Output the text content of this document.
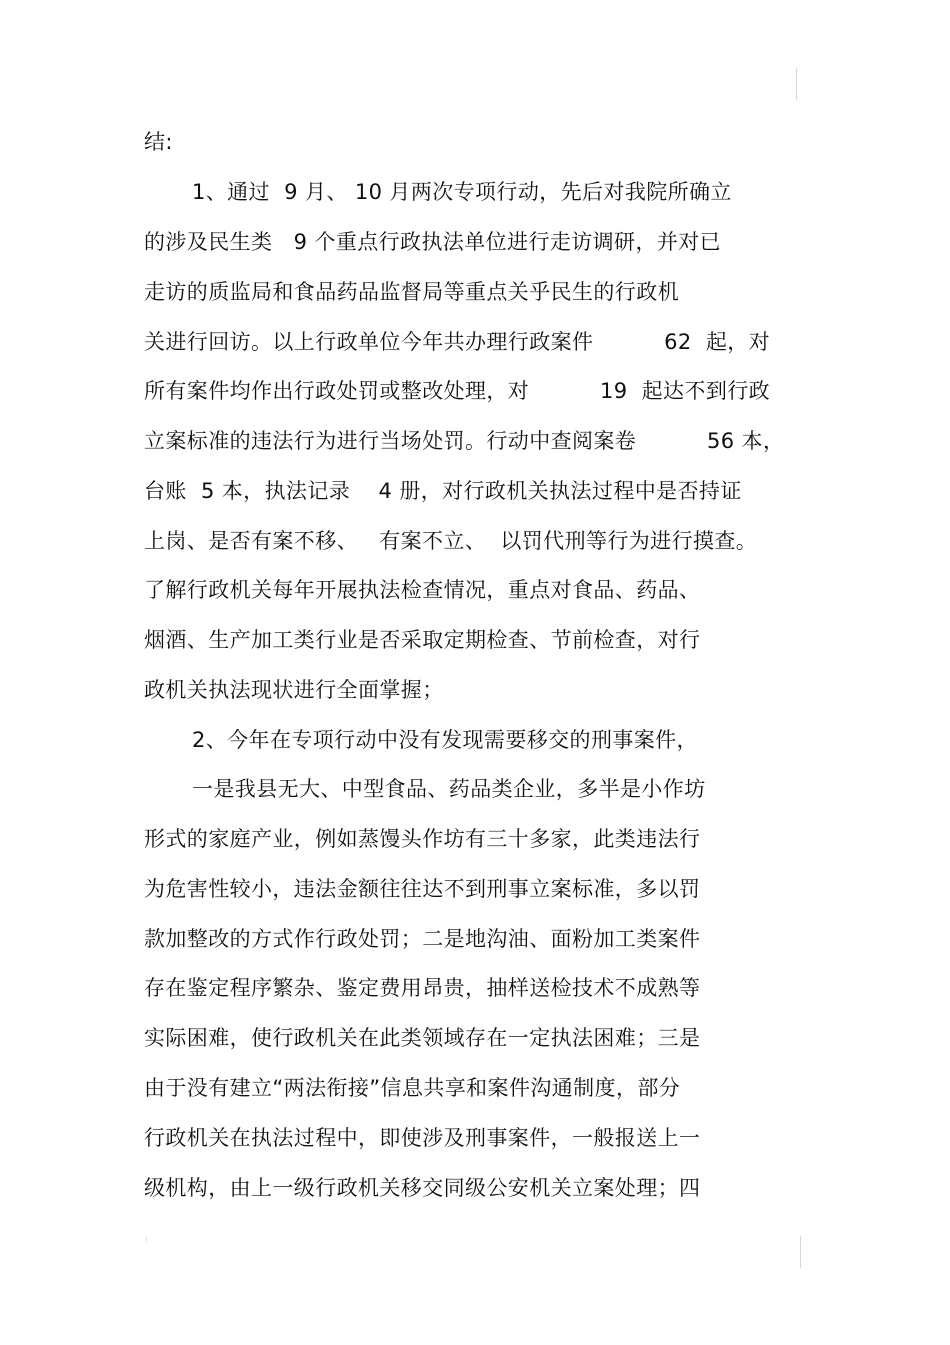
结:
1、通过  9 月、 10 月两次专项行动，先后对我院所确立
的涉及民生类   9 个重点行政执法单位进行走访调研，并对已
走访的质监局和食品药品监督局等重点关乎民生的行政机
关进行回访。以上行政单位今年共办理行政案件          62  起，对
所有案件均作出行政处罚或整改处理，对          19  起达不到行政
立案标准的违法行为进行当场处罚。行动中查阅案卷          56 本，
台账  5 本，执法记录    4 册，对行政机关执法过程中是否持证
上岗、是否有案不移、   有案不立、  以罚代刑等行为进行摸查。
了解行政机关每年开展执法检查情况，重点对食品、药品、
烟酒、生产加工类行业是否采取定期检查、节前检查，对行
政机关执法现状进行全面掌握；
2、今年在专项行动中没有发现需要移交的刑事案件，
一是我县无大、中型食品、药品类企业，多半是小作坊
形式的家庭产业，例如蒸馒头作坊有三十多家，此类违法行
为危害性较小，违法金额往往达不到刑事立案标准，多以罚
款加整改的方式作行政处罚；二是地沟油、面粉加工类案件
存在鉴定程序繁杂、鉴定费用昂贵，抽样送检技术不成熟等
实际困难，使行政机关在此类领域存在一定执法困难；三是
由于没有建立“两法衔接”信息共享和案件沟通制度，部分
行政机关在执法过程中，即使涉及刑事案件，一般报送上一
级机构，由上一级行政机关移交同级公安机关立案处理；四
